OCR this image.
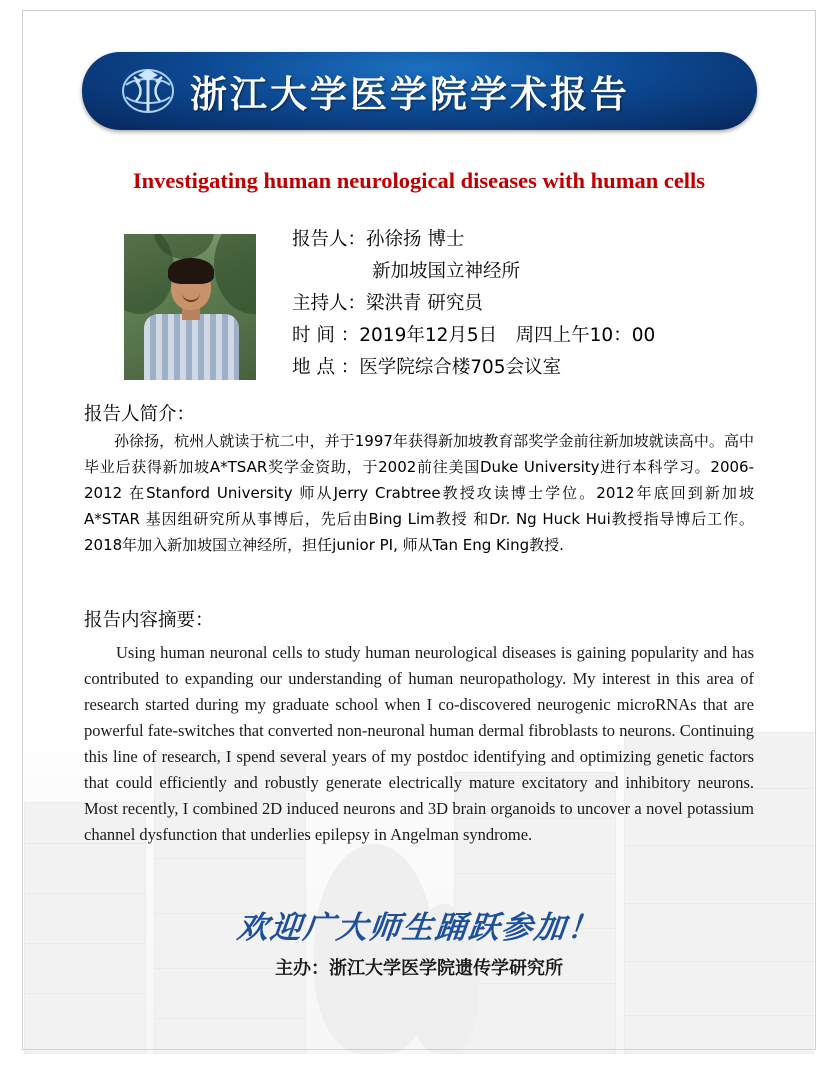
浙江大学医学院学术报告
Investigating human neurological diseases with human cells
报告人：孙徐扬 博士
新加坡国立神经所
主持人：梁洪青 研究员
时 间 ：2019年12月5日　周四上午10：00
地 点 ：医学院综合楼705会议室
报告人简介：
孙徐扬，杭州人就读于杭二中，并于1997年获得新加坡教育部奖学金前往新加坡就读高中。高中毕业后获得新加坡A*TSAR奖学金资助，于2002前往美国Duke University进行本科学习。2006-2012 在Stanford University 师从Jerry Crabtree教授攻读博士学位。2012年底回到新加坡A*STAR 基因组研究所从事博后，先后由Bing Lim教授 和Dr. Ng Huck Hui教授指导博后工作。 2018年加入新加坡国立神经所，担任junior PI, 师从Tan Eng King教授.
报告内容摘要：
Using human neuronal cells to study human neurological diseases is gaining popularity and has contributed to expanding our understanding of human neuropathology. My interest in this area of research started during my graduate school when I co-discovered neurogenic microRNAs that are powerful fate-switches that converted non-neuronal human dermal fibroblasts to neurons. Continuing this line of research, I spend several years of my postdoc identifying and optimizing genetic factors that could efficiently and robustly generate electrically mature excitatory and inhibitory neurons. Most recently, I combined 2D induced neurons and 3D brain organoids to uncover a novel potassium channel dysfunction that underlies epilepsy in Angelman syndrome.
欢迎广大师生踊跃参加！
主办：浙江大学医学院遗传学研究所
